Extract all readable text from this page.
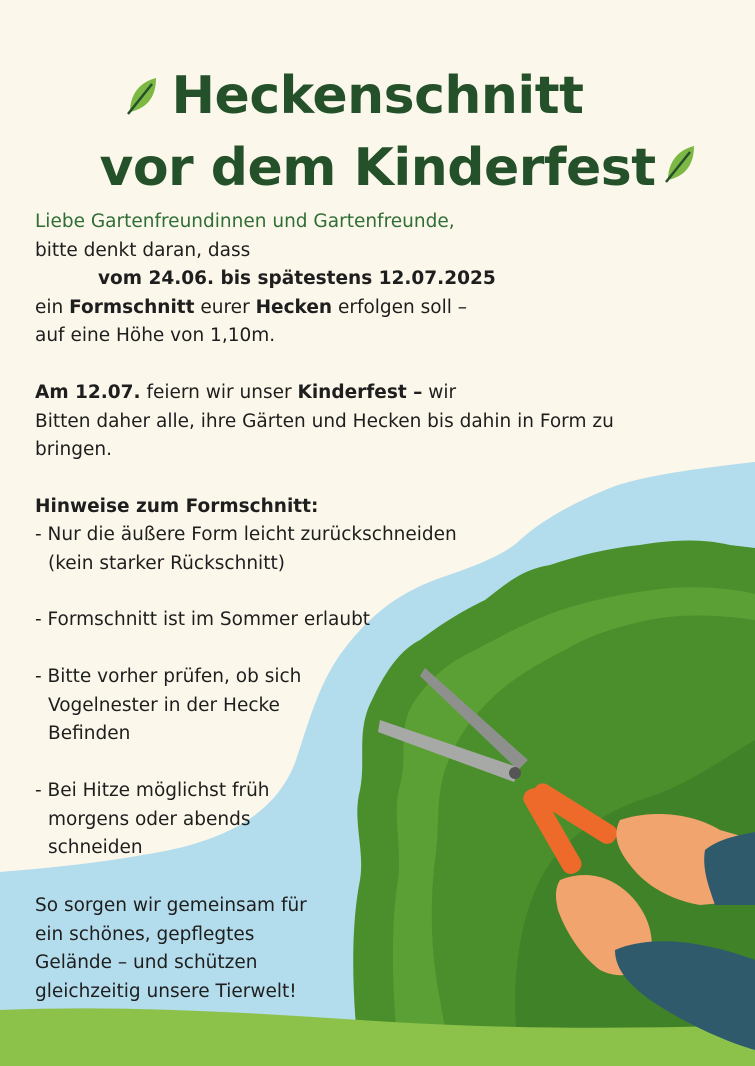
Heckenschnitt
vor dem Kinderfest
Liebe Gartenfreundinnen und Gartenfreunde,
bitte denkt daran, dass
vom 24.06. bis spätestens 12.07.2025
ein Formschnitt eurer Hecken erfolgen soll –
auf eine Höhe von 1,10m.
Am 12.07. feiern wir unser Kinderfest – wir
Bitten daher alle, ihre Gärten und Hecken bis dahin in Form zu
bringen.
Hinweise zum Formschnitt:
- Nur die äußere Form leicht zurückschneiden
(kein starker Rückschnitt)
- Formschnitt ist im Sommer erlaubt
- Bitte vorher prüfen, ob sich
Vogelnester in der Hecke
Befinden
- Bei Hitze möglichst früh
morgens oder abends
schneiden
So sorgen wir gemeinsam für
ein schönes, gepflegtes
Gelände – und schützen
gleichzeitig unsere Tierwelt!
